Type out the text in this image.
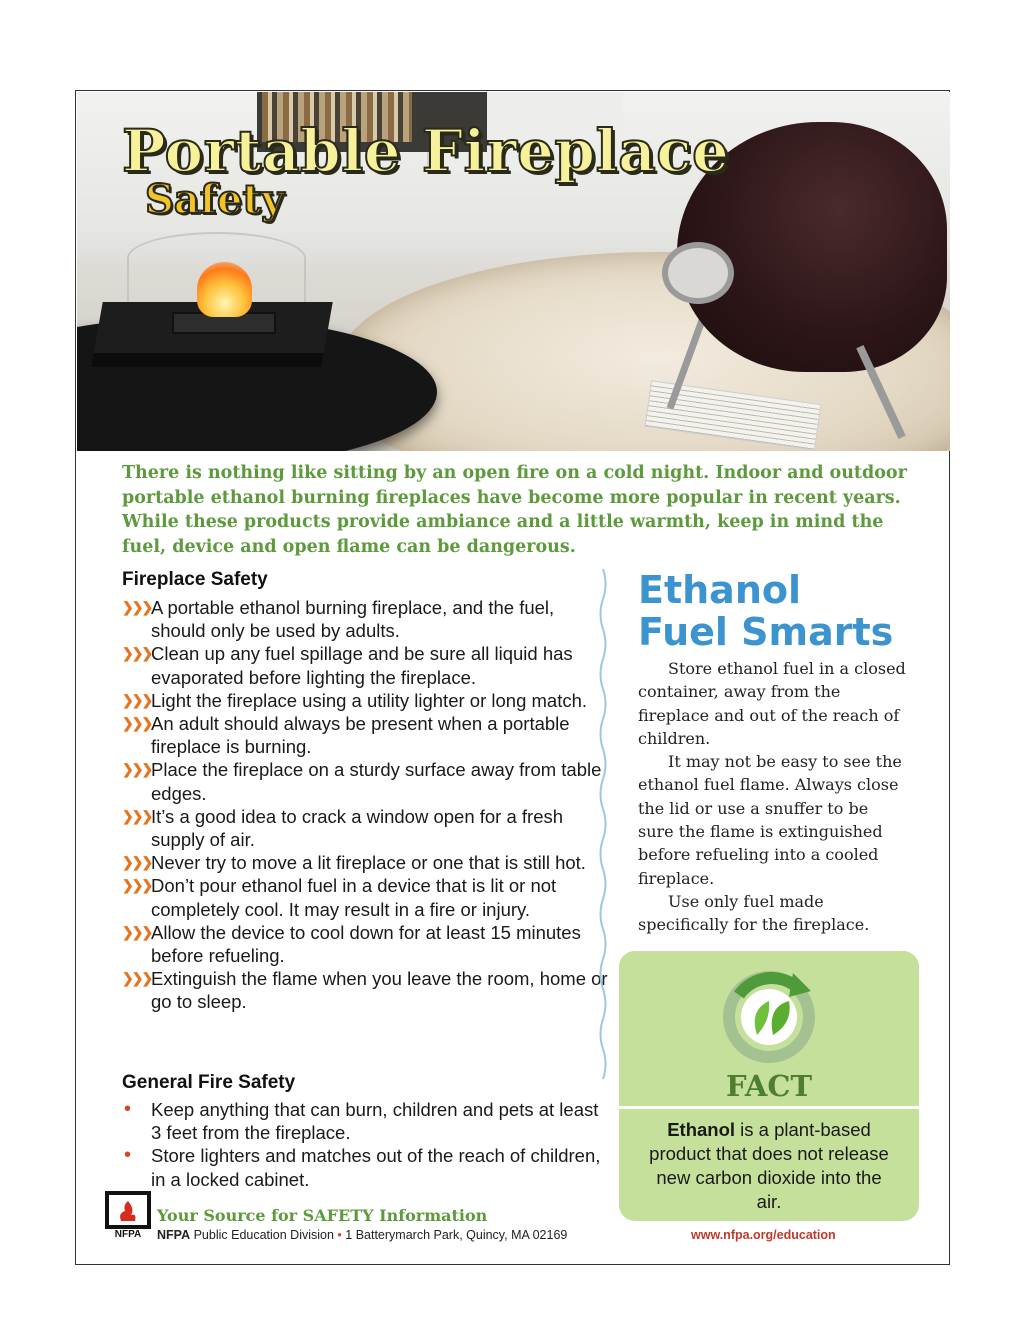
Portable Fireplace
Safety

There is nothing like sitting by an open fire on a cold night. Indoor and outdoor portable ethanol burning fireplaces have become more popular in recent years. While these products provide ambiance and a little warmth, keep in mind the fuel, device and open flame can be dangerous.

Fireplace Safety
❯❯❯ A portable ethanol burning fireplace, and the fuel, should only be used by adults.
❯❯❯ Clean up any fuel spillage and be sure all liquid has evaporated before lighting the fireplace.
❯❯❯ Light the fireplace using a utility lighter or long match.
❯❯❯ An adult should always be present when a portable fireplace is burning.
❯❯❯ Place the fireplace on a sturdy surface away from table edges.
❯❯❯ It’s a good idea to crack a window open for a fresh supply of air.
❯❯❯ Never try to move a lit fireplace or one that is still hot.
❯❯❯ Don’t pour ethanol fuel in a device that is lit or not completely cool. It may result in a fire or injury.
❯❯❯ Allow the device to cool down for at least 15 minutes before refueling.
❯❯❯ Extinguish the flame when you leave the room, home or go to sleep.
General Fire Safety
• Keep anything that can burn, children and pets at least 3 feet from the fireplace.
• Store lighters and matches out of the reach of children, in a locked cabinet.
Ethanol
Fuel Smarts

Store ethanol fuel in a closed container, away from the fireplace and out of the reach of children.

It may not be easy to see the ethanol fuel flame. Always close the lid or use a snuffer to be sure the flame is extinguished before refueling into a cooled fireplace.

Use only fuel made specifically for the fireplace.

FACT
Ethanol is a plant-based product that does not release new carbon dioxide into the air.
NFPA
Your Source for SAFETY Information
NFPA Public Education Division • 1 Batterymarch Park, Quincy, MA 02169	www.nfpa.org/education
